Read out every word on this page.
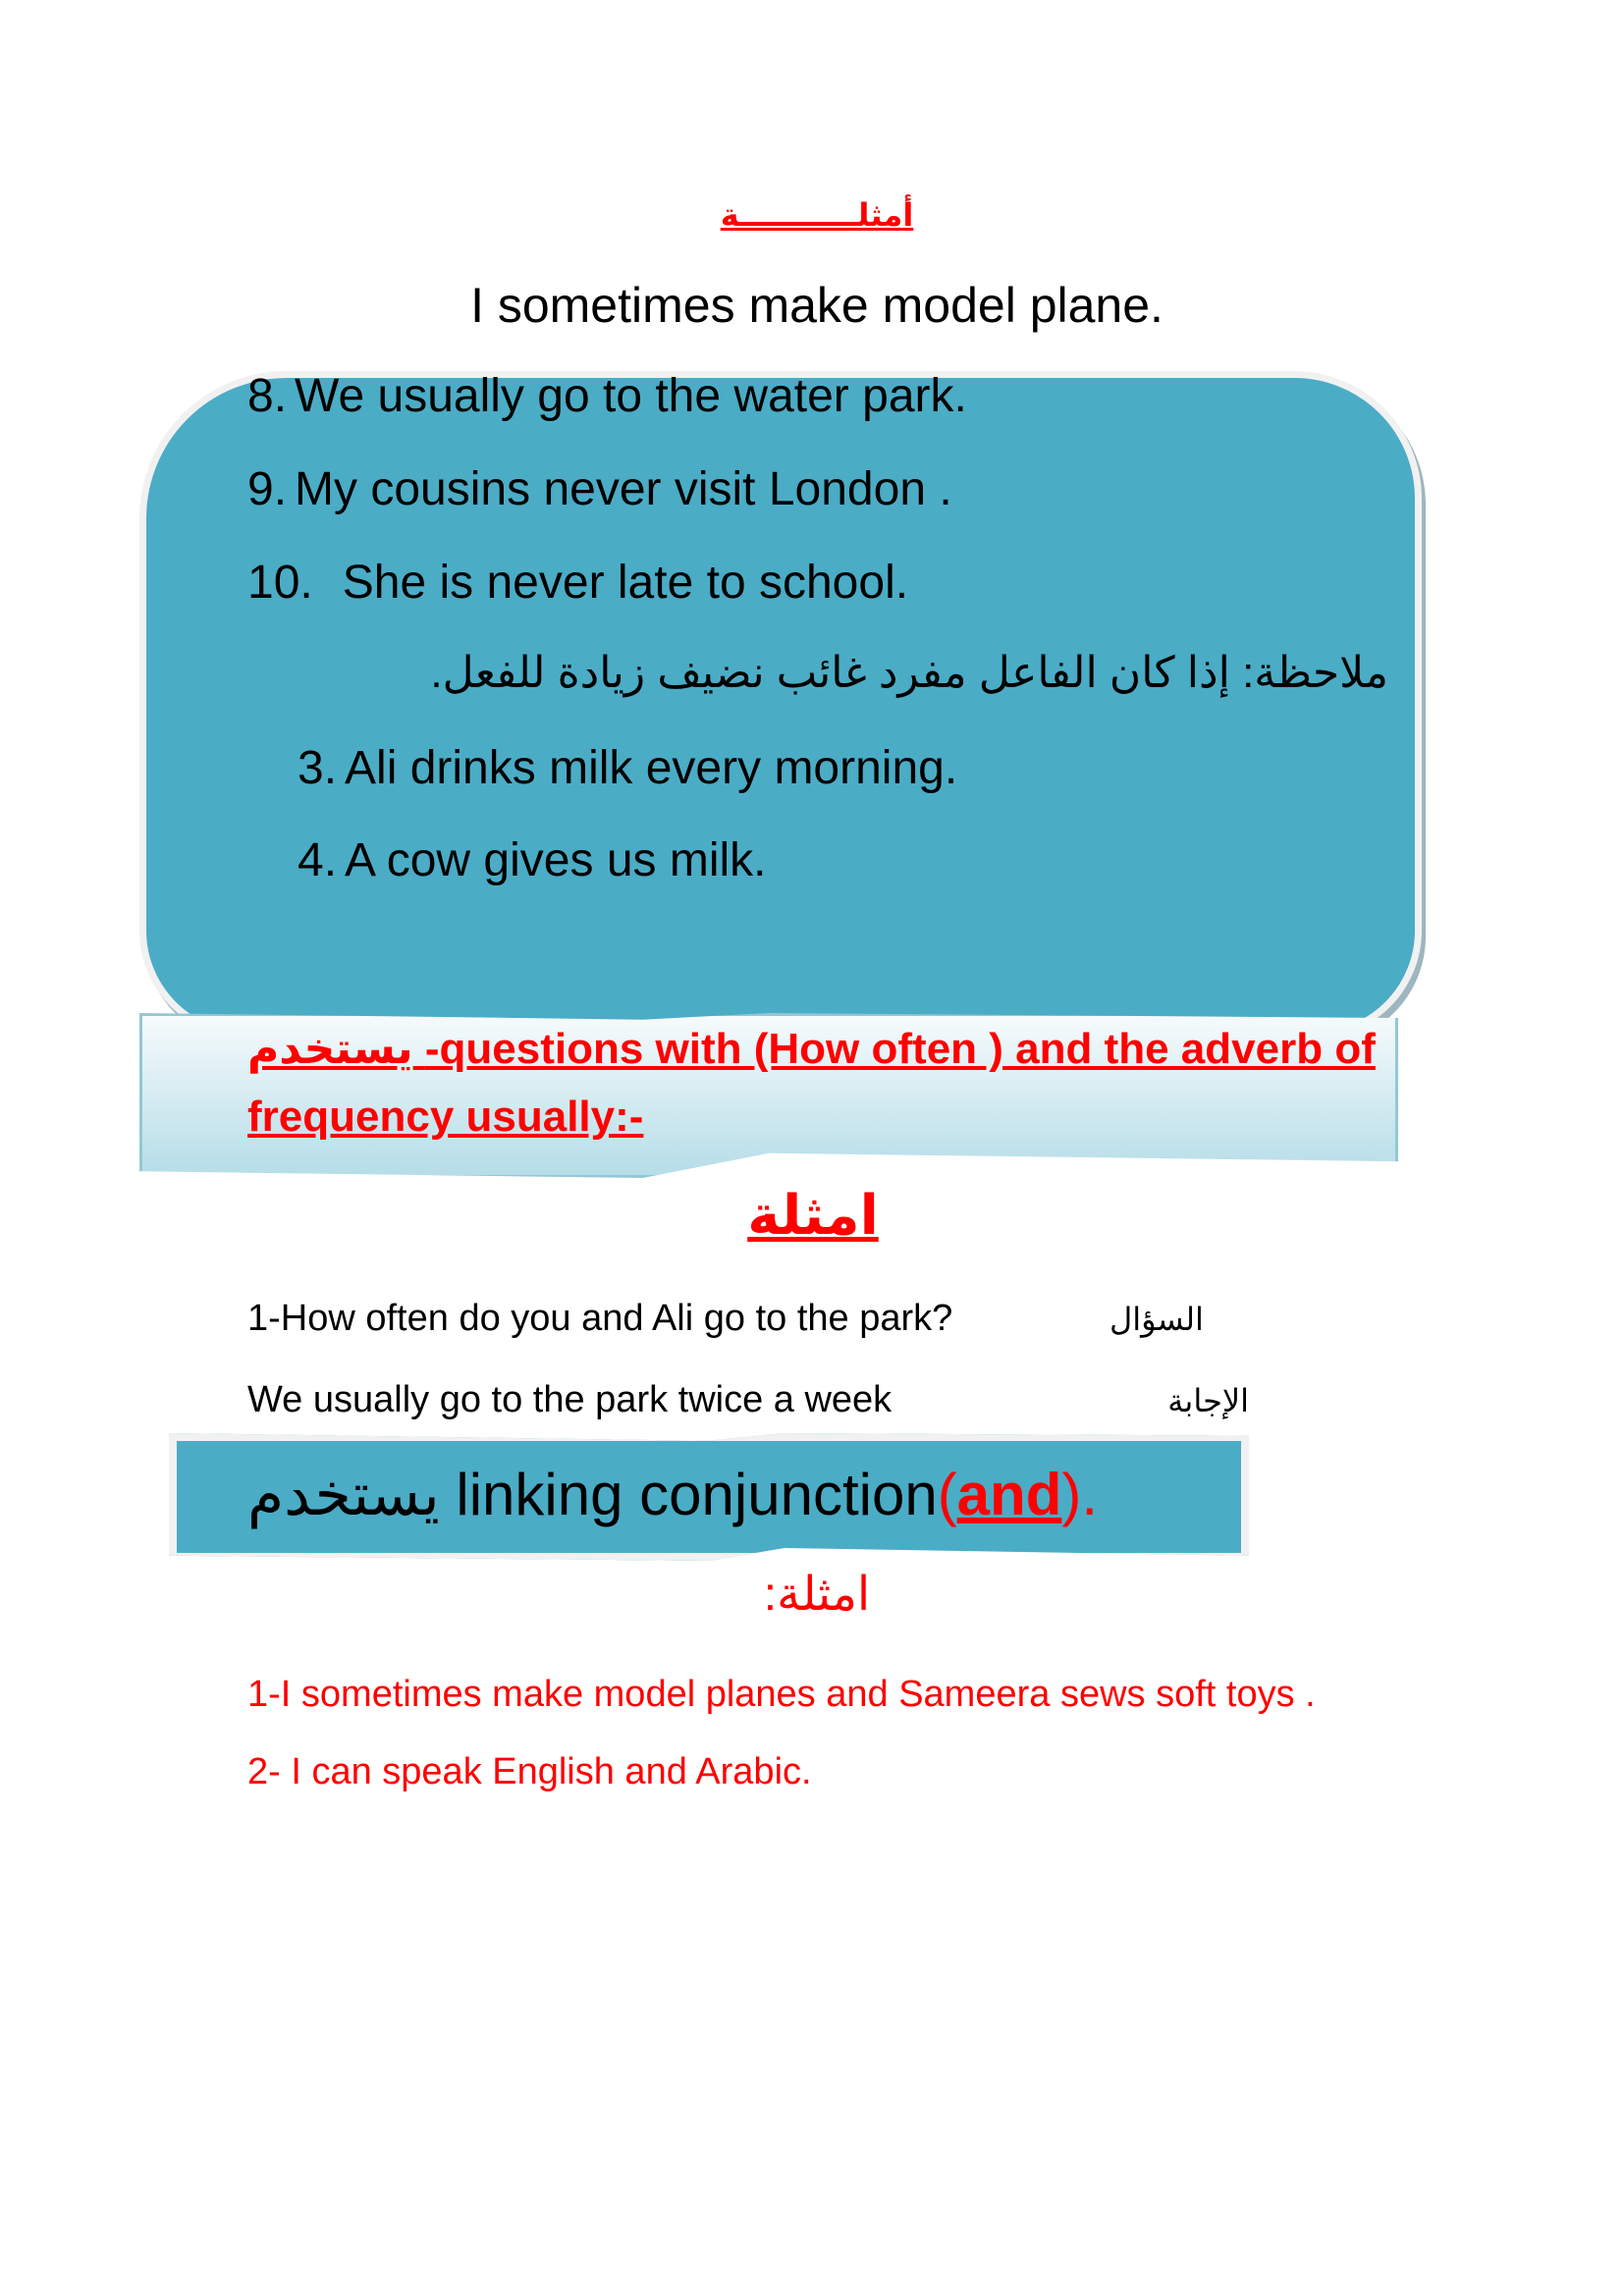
أمثلـــــــــــة
I sometimes make model plane.
8. We usually go to the water park.
9. My cousins never visit London .
10. She is never late to school.
ملاحظة: إذا كان الفاعل مفرد غائب نضيف زيادة للفعل.
3. Ali drinks milk every morning.
4. A cow gives us milk.
يستخدم -questions with (How often ) and the adverb of
frequency usually:-
امثلة
1-How often do you and Ali go to the park?	السؤال
We usually go to the park twice a week	الإجابة
يستخدم linking conjunction(and).
:امثلة
1-I sometimes make model planes and Sameera sews soft toys .
2- I can speak English and Arabic.
